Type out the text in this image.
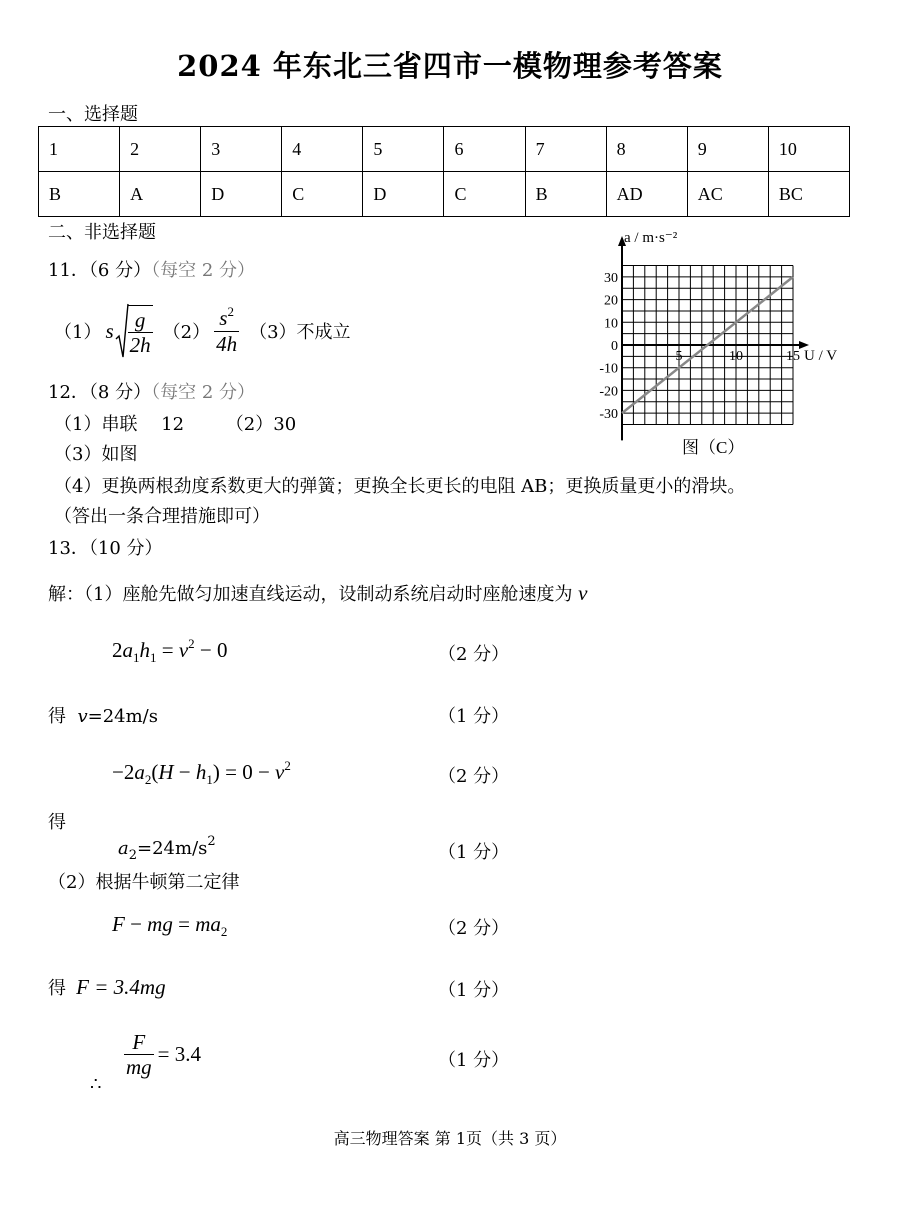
2024 年东北三省四市一模物理参考答案
一、选择题
1	2	3	4	5	6	7	8	9	10
B	A	D	C	D	C	B	AD	AC	BC
二、非选择题
11．（6 分）（每空 2 分）
（1） s $\frac{g}{2h} (2) \frac{s^2}{4h} (3)$不成立
12．（8 分）（每空 2 分）
（1）串联　 12　　 （2）30
（3）如图
（4）更换两根劲度系数更大的弹簧；更换全长更长的电阻 AB；更换质量更小的滑块。
（答出一条合理措施即可）
30
20
10
0
-10
-20
-30
5	10	15
a / m·s⁻²
U / V
图（C）
13．（10 分）
解：（1）座舱先做匀加速直线运动，设制动系统启动时座舱速度为 v
$2a_1h_1 = v^2 - 0$	（2 分）
得 v=24m/s	（1 分）
$-2a_2(H - h_1) = 0 - v^2$
（2 分）
得
$a_2=24m/s^2$
（1 分）
（2）根据牛顿第二定律
F − mg = $ma_2$	（2 分）
得 F = 3.4mg	（1 分）
$\frac{F}{mg} = 3.4$	（1 分）
∴
高三物理答案 第 1页（共 3 页）
